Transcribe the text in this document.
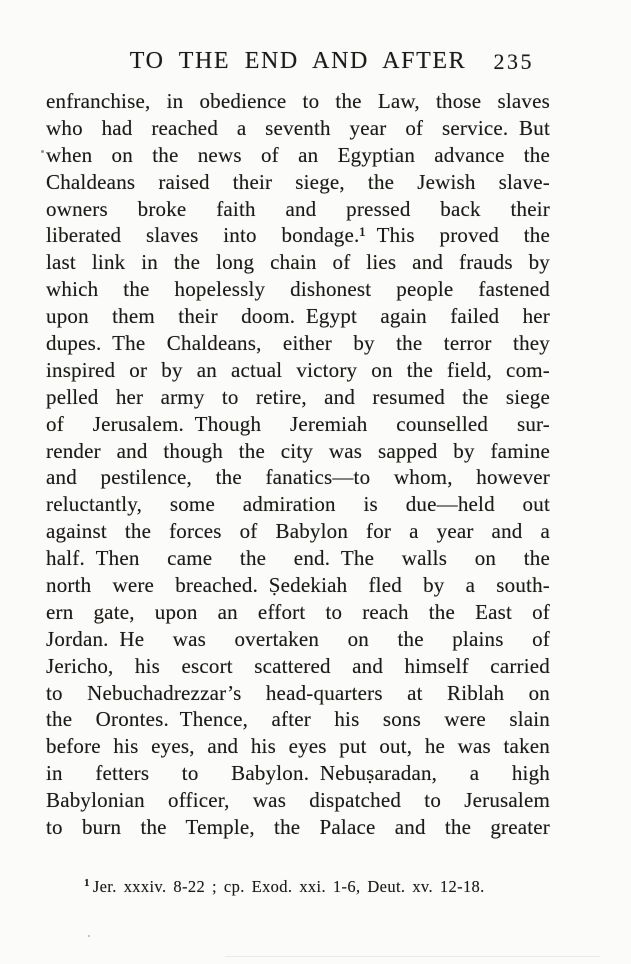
TO THE END AND AFTER	235
enfranchise, in obedience to the Law, those slaves
who had reached a seventh year of service. But
when on the news of an Egyptian advance the
Chaldeans raised their siege, the Jewish slave-
owners broke faith and pressed back their
liberated slaves into bondage.¹ This proved the
last link in the long chain of lies and frauds by
which the hopelessly dishonest people fastened
upon them their doom. Egypt again failed her
dupes. The Chaldeans, either by the terror they
inspired or by an actual victory on the field, com-
pelled her army to retire, and resumed the siege
of Jerusalem. Though Jeremiah counselled sur-
render and though the city was sapped by famine
and pestilence, the fanatics—to whom, however
reluctantly, some admiration is due—held out
against the forces of Babylon for a year and a
half. Then came the end. The walls on the
north were breached. Ṣedekiah fled by a south-
ern gate, upon an effort to reach the East of
Jordan. He was overtaken on the plains of
Jericho, his escort scattered and himself carried
to Nebuchadrezzar’s head-quarters at Riblah on
the Orontes. Thence, after his sons were slain
before his eyes, and his eyes put out, he was taken
in fetters to Babylon. Nebuṣaradan, a high
Babylonian officer, was dispatched to Jerusalem
to burn the Temple, the Palace and the greater
$^1$ Jer. xxxiv. 8-22 ; cp. Exod. xxi. 1-6, Deut. xv. 12-18.
